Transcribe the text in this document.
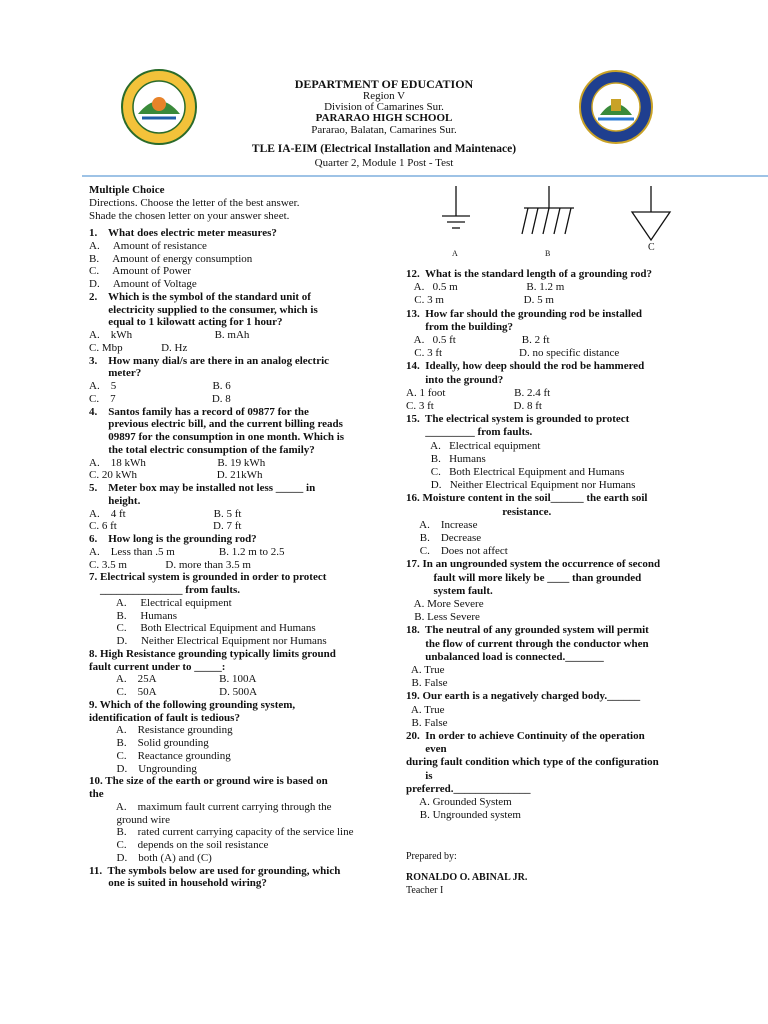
DEPARTMENT OF EDUCATION
Region V
Division of Camarines Sur.
PARARAO HIGH SCHOOL
Pararao, Balatan, Camarines Sur.
TLE IA-EIM (Electrical Installation and Maintenace)
Quarter 2, Module 1 Post - Test
Multiple Choice
Directions. Choose the letter of the best answer.
Shade the chosen letter on your answer sheet.
1.    What does electric meter measures?
A.     Amount of resistance
B.     Amount of energy consumption
C.     Amount of Power
D.     Amount of Voltage
2.    Which is the symbol of the standard unit of
electricity supplied to the consumer, which is
equal to 1 kilowatt acting for 1 hour?
A.    kWh                              B. mAh
C. Mbp              D. Hz
3.    How many dial/s are there in an analog electric
meter?
A.    5                                   B. 6
C.    7                                   D. 8
4.    Santos family has a record of 09877 for the
previous electric bill, and the current billing reads
09897 for the consumption in one month. Which is
the total electric consumption of the family?
A.    18 kWh                          B. 19 kWh
C. 20 kWh                             D. 21kWh
5.    Meter box may be installed not less _____ in
height.
A.    4 ft                                B. 5 ft
C. 6 ft                                   D. 7 ft
6.    How long is the grounding rod?
A.    Less than .5 m                B. 1.2 m to 2.5
C. 3.5 m              D. more than 3.5 m
7. Electrical system is grounded in order to protect
_______________ from faults.
A.     Electrical equipment
B.     Humans
C.     Both Electrical Equipment and Humans
D.     Neither Electrical Equipment nor Humans
8. High Resistance grounding typically limits ground
fault current under to _____:
A.    25A                       B. 100A
C.    50A                       D. 500A
9. Which of the following grounding system,
identification of fault is tedious?
A.    Resistance grounding
B.    Solid grounding
C.    Reactance grounding
D.    Ungrounding
10. The size of the earth or ground wire is based on
the
A.    maximum fault current carrying through the
ground wire
B.    rated current carrying capacity of the service line
C.    depends on the soil resistance
D.    both (A) and (C)
11.  The symbols below are used for grounding, which
one is suited in household wiring?
A	B
C
12.  What is the standard length of a grounding rod?
A.   0.5 m                         B. 1.2 m
C. 3 m                             D. 5 m
13.  How far should the grounding rod be installed
from the building?
A.   0.5 ft                        B. 2 ft
C. 3 ft                            D. no specific distance
14.  Ideally, how deep should the rod be hammered
into the ground?
A. 1 foot                         B. 2.4 ft
C. 3 ft                             D. 8 ft
15.  The electrical system is grounded to protect
_________ from faults.
A.   Electrical equipment
B.   Humans
C.   Both Electrical Equipment and Humans
D.   Neither Electrical Equipment nor Humans
16. Moisture content in the soil______ the earth soil
resistance.
A.    Increase
B.    Decrease
C.    Does not affect
17. In an ungrounded system the occurrence of second
fault will more likely be ____ than grounded
system fault.
A. More Severe
B. Less Severe
18.  The neutral of any grounded system will permit
the flow of current through the conductor when
unbalanced load is connected._______
A. True
B. False
19. Our earth is a negatively charged body.______
A. True
B. False
20.  In order to achieve Continuity of the operation
even
during fault condition which type of the configuration
is
preferred.______________
A. Grounded System
B. Ungrounded system
Prepared by:
RONALDO O. ABINAL JR.
Teacher I
